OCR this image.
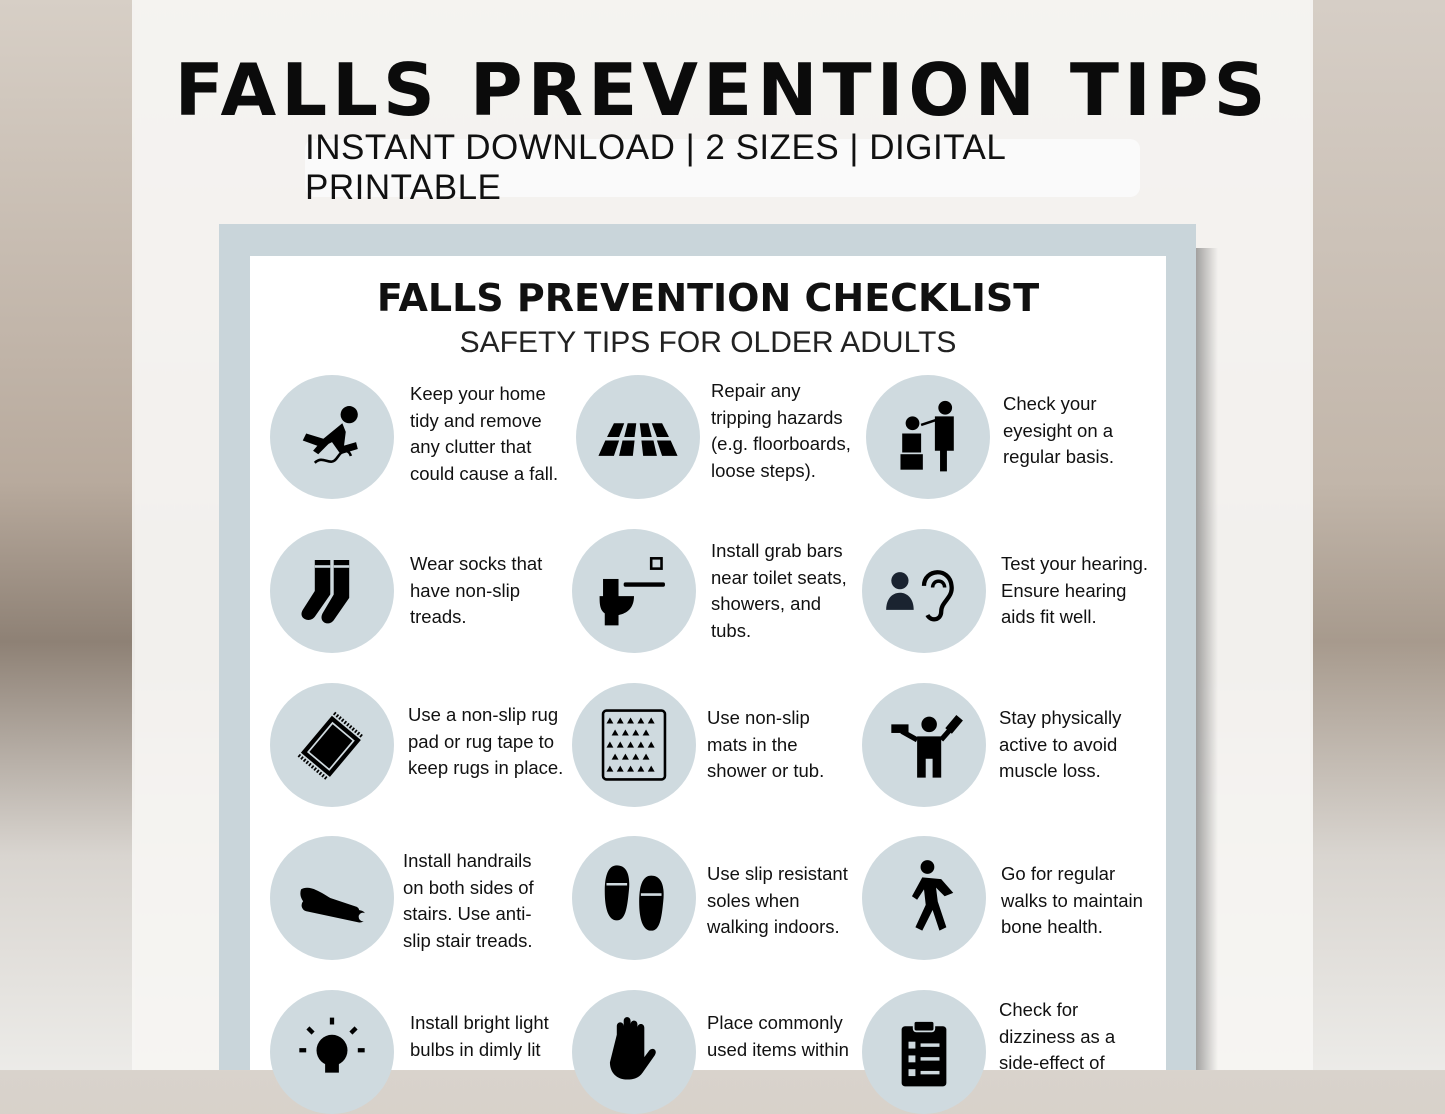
FALLS PREVENTION TIPS
INSTANT DOWNLOAD | 2 SIZES | DIGITAL PRINTABLE
FALLS PREVENTION CHECKLIST
SAFETY TIPS FOR OLDER ADULTS
Keep your home
tidy and remove
any clutter that
could cause a fall.
Repair any
tripping hazards
(e.g. floorboards,
loose steps).
Check your
eyesight on a
regular basis.
Wear socks that
have non-slip
treads.
Install grab bars
near toilet seats,
showers, and
tubs.
Test your hearing.
Ensure hearing
aids fit well.
Use a non-slip rug
pad or rug tape to
keep rugs in place.
Use non-slip
mats in the
shower or tub.
Stay physically
active to avoid
muscle loss.
Install handrails
on both sides of
stairs. Use anti-
slip stair treads.
Use slip resistant
soles when
walking indoors.
Go for regular
walks to maintain
bone health.
Install bright light
bulbs in dimly lit
Place commonly
used items within
Check for
dizziness as a
side-effect of
